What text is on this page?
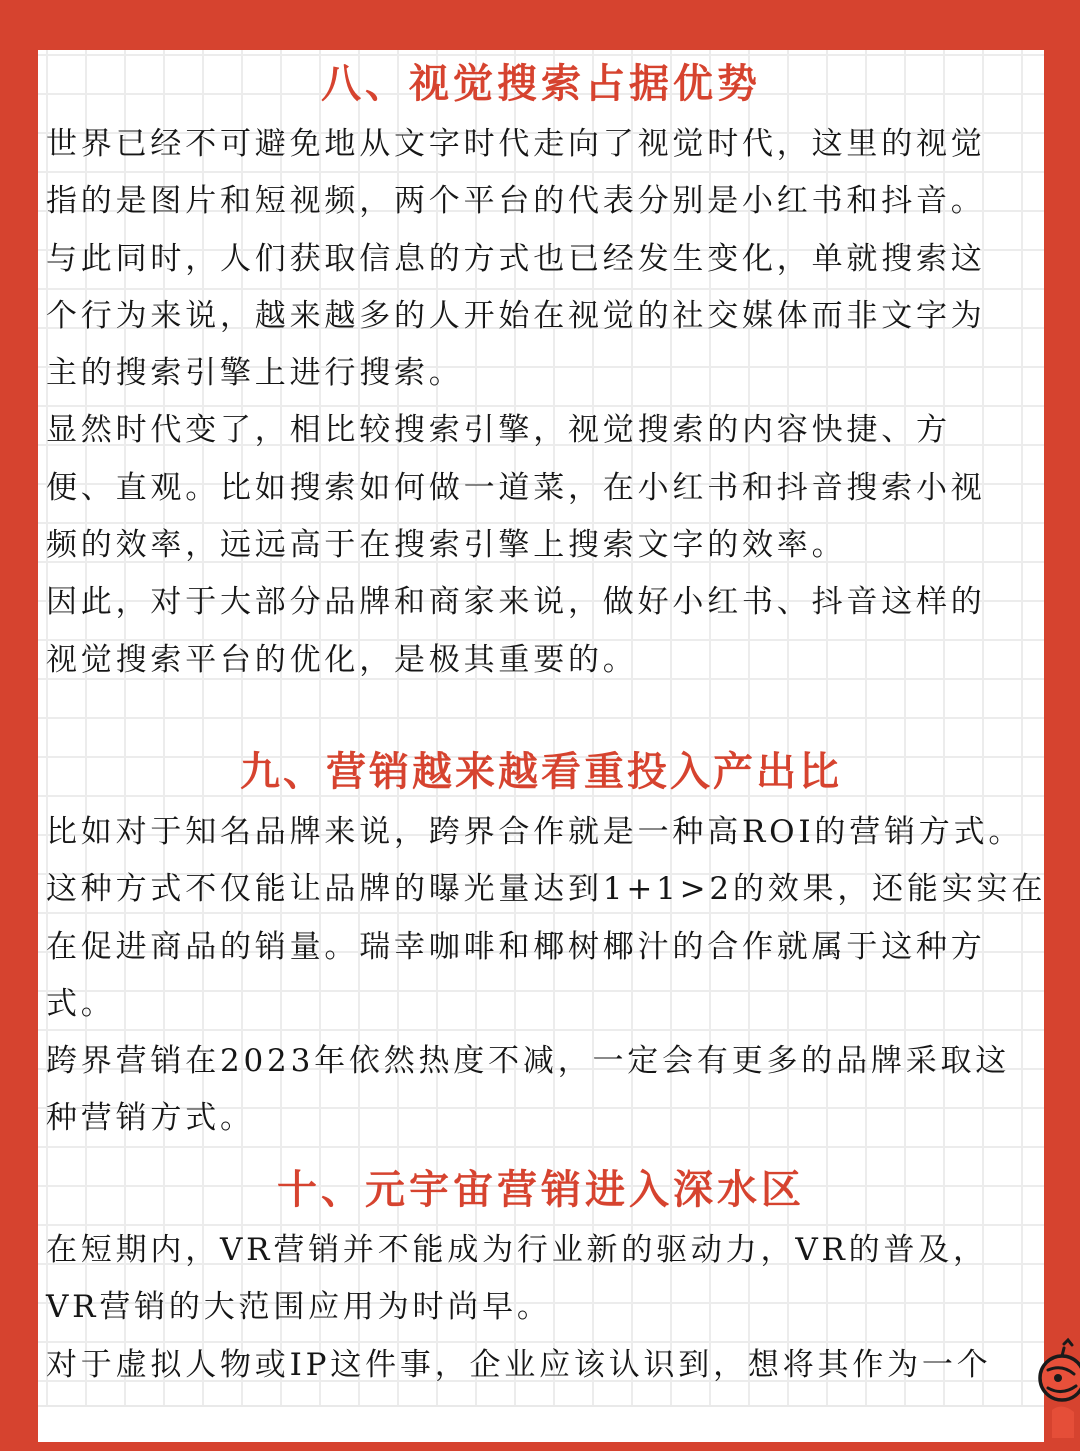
八、视觉搜索占据优势

世界已经不可避免地从文字时代走向了视觉时代，这里的视觉

指的是图片和短视频，两个平台的代表分别是小红书和抖音。

与此同时，人们获取信息的方式也已经发生变化，单就搜索这

个行为来说，越来越多的人开始在视觉的社交媒体而非文字为

主的搜索引擎上进行搜索。

显然时代变了，相比较搜索引擎，视觉搜索的内容快捷、方

便、直观。比如搜索如何做一道菜，在小红书和抖音搜索小视

频的效率，远远高于在搜索引擎上搜索文字的效率。

因此，对于大部分品牌和商家来说，做好小红书、抖音这样的

视觉搜索平台的优化，是极其重要的。

九、营销越来越看重投入产出比

比如对于知名品牌来说，跨界合作就是一种高ROI的营销方式。

这种方式不仅能让品牌的曝光量达到1+1>2的效果，还能实实在

在促进商品的销量。瑞幸咖啡和椰树椰汁的合作就属于这种方

式。

跨界营销在2023年依然热度不减，一定会有更多的品牌采取这

种营销方式。

十、元宇宙营销进入深水区

在短期内，VR营销并不能成为行业新的驱动力，VR的普及，

VR营销的大范围应用为时尚早。

对于虚拟人物或IP这件事，企业应该认识到，想将其作为一个
